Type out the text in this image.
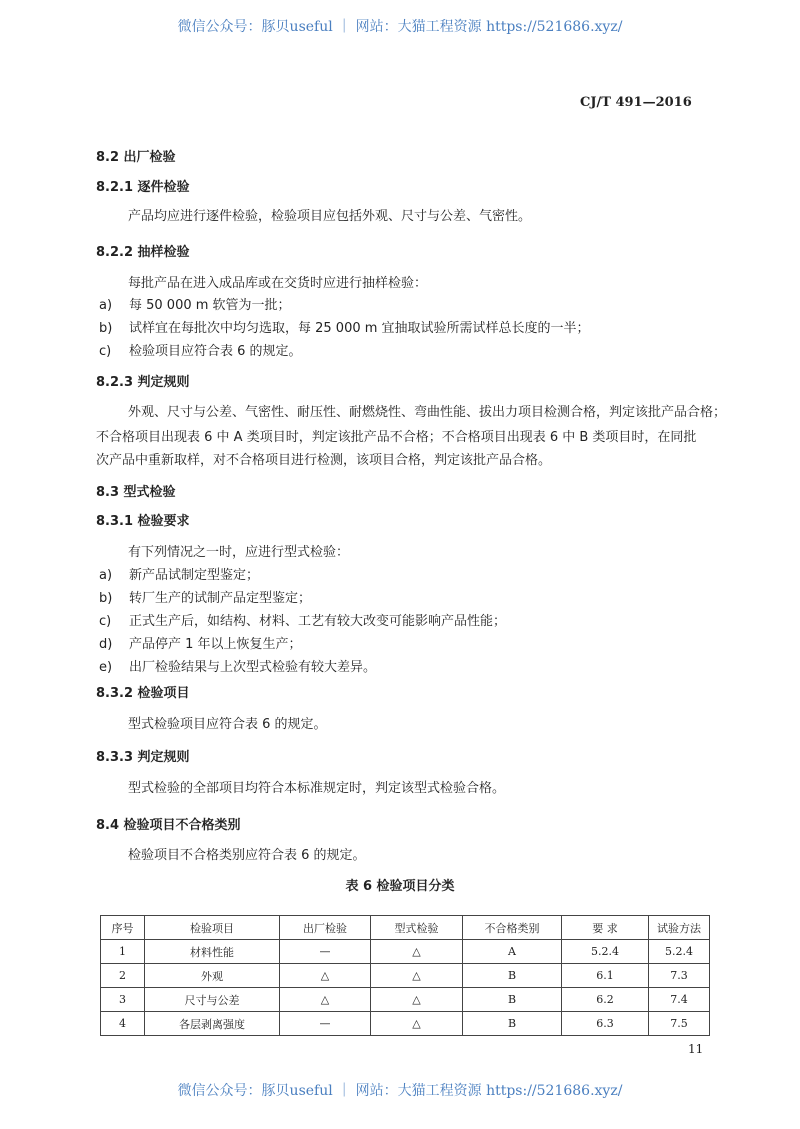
微信公众号：豚贝useful ｜ 网站：大猫工程资源 https://521686.xyz/
CJ/T 491—2016
8.2 出厂检验
8.2.1 逐件检验
产品均应进行逐件检验，检验项目应包括外观、尺寸与公差、气密性。
8.2.2 抽样检验
每批产品在进入成品库或在交货时应进行抽样检验：
a) 每 50 000 m 软管为一批；
b) 试样宜在每批次中均匀选取，每 25 000 m 宜抽取试验所需试样总长度的一半；
c) 检验项目应符合表 6 的规定。
8.2.3 判定规则
外观、尺寸与公差、气密性、耐压性、耐燃烧性、弯曲性能、拔出力项目检测合格，判定该批产品合格；
不合格项目出现表 6 中 A 类项目时，判定该批产品不合格；不合格项目出现表 6 中 B 类项目时，在同批
次产品中重新取样，对不合格项目进行检测，该项目合格，判定该批产品合格。
8.3 型式检验
8.3.1 检验要求
有下列情况之一时，应进行型式检验：
a) 新产品试制定型鉴定；
b) 转厂生产的试制产品定型鉴定；
c) 正式生产后，如结构、材料、工艺有较大改变可能影响产品性能；
d) 产品停产 1 年以上恢复生产；
e) 出厂检验结果与上次型式检验有较大差异。
8.3.2 检验项目
型式检验项目应符合表 6 的规定。
8.3.3 判定规则
型式检验的全部项目均符合本标准规定时，判定该型式检验合格。
8.4 检验项目不合格类别
检验项目不合格类别应符合表 6 的规定。
表 6 检验项目分类
序号	检验项目	出厂检验	型式检验	不合格类别	要 求	试验方法
1	材料性能	—	△	A	5.2.4	5.2.4
2	外观	△	△	B	6.1	7.3
3	尺寸与公差	△	△	B	6.2	7.4
4	各层剥离强度	—	△	B	6.3	7.5
11
微信公众号：豚贝useful ｜ 网站：大猫工程资源 https://521686.xyz/
